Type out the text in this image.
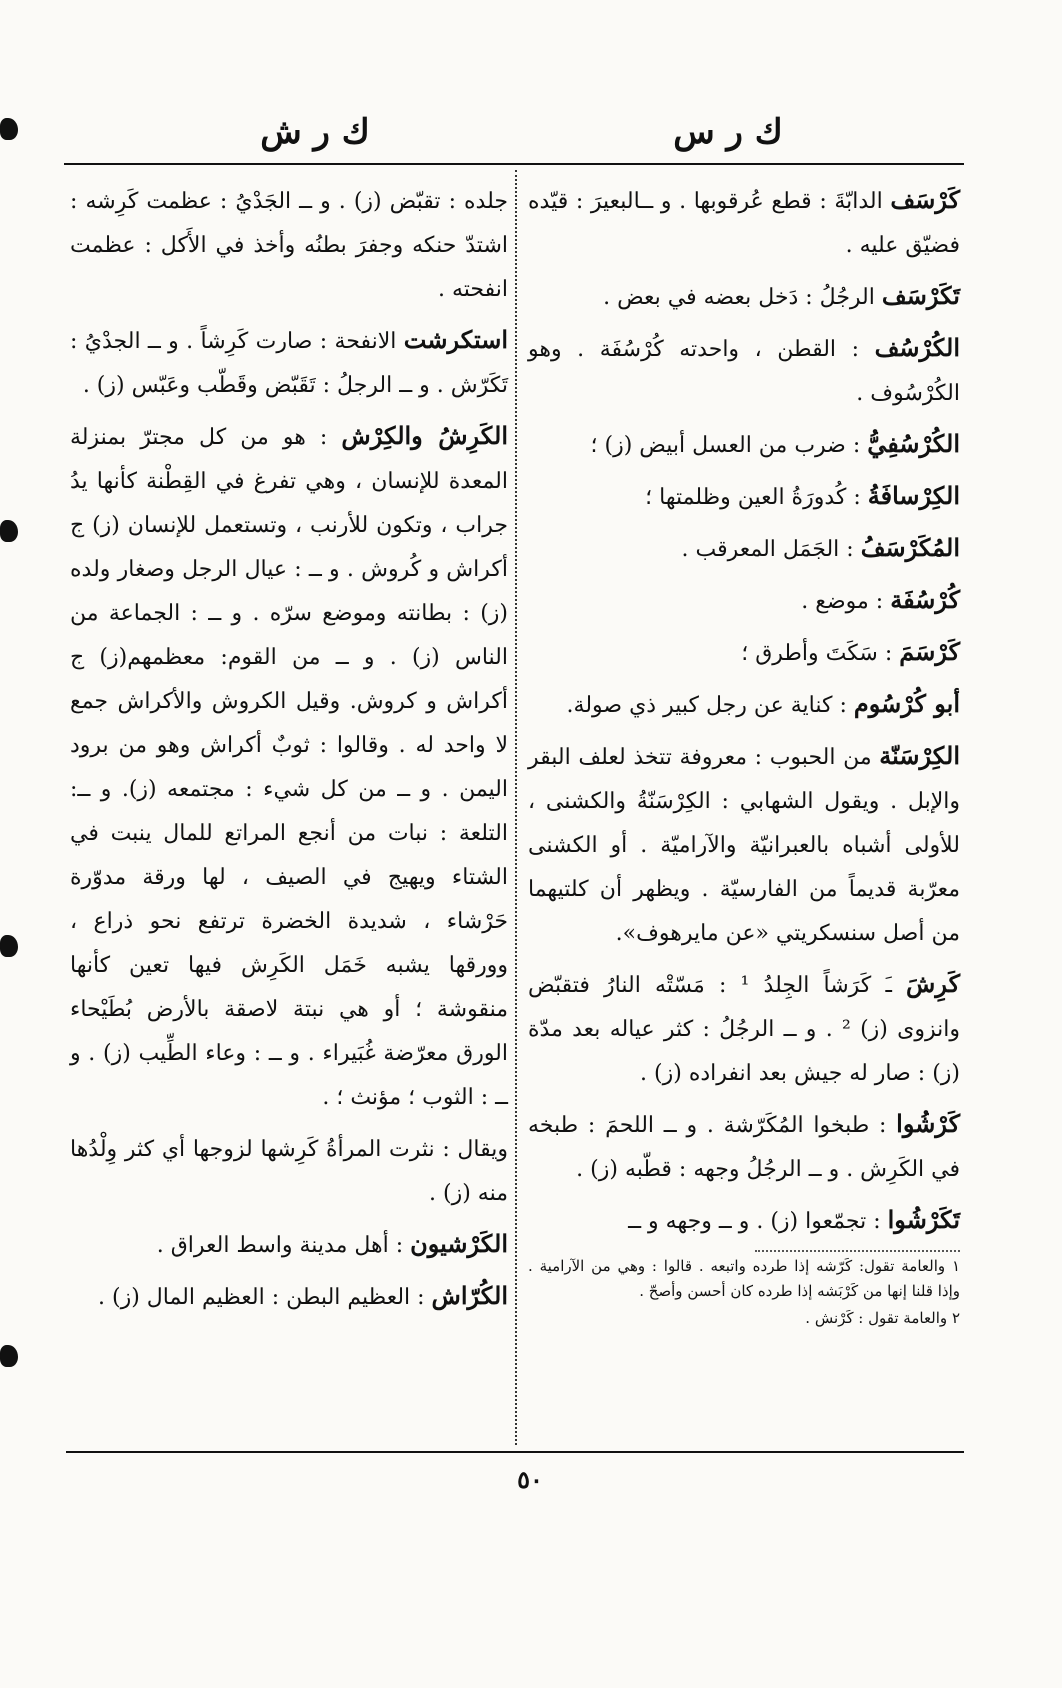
ك ر س
ك ر ش

كَرْسَف الدابّةَ : قطع عُرقوبها . و ــالبعيرَ : قيّده فضيّق عليه .

تَكَرْسَف الرجُلُ : دَخل بعضه في بعض .

الكُرْسُف : القطن ، واحدته كُرْسُفَة . وهو الكُرْسُوف .

الكُرْسُفِيُّ : ضرب من العسل أبيض (ز) ؛

الكِرْسافَةُ : كُدورَةُ العين وظلمتها ؛

المُكَرْسَفُ : الجَمَل المعرقب .

كُرْسُفَة : موضع .

كَرْسَمَ : سَكَتَ وأطرق ؛

أبو كُرْسُوم : كناية عن رجل كبير ذي صولة.

الكِرْسَنّة من الحبوب : معروفة تتخذ لعلف البقر والإبل . ويقول الشهابي : الكِرْسَنّةُ والكشنى ، للأولى أشباه بالعبرانيّة والآراميّة . أو الكشنى معرّبة قديماً من الفارسيّة . ويظهر أن كلتيهما من أصل سنسكريتي «عن مايرهوف».

كَرِشَ ـَ كَرَشاً الجِلدُ ¹ : مَسّتْه النارُ فتقبّض وانزوى (ز) ² . و ــ الرجُلُ : كثر عياله بعد مدّة (ز) : صار له جيش بعد انفراده (ز) .

كَرْشُوا : طبخوا المُكَرّشة . و ــ اللحمَ : طبخه في الكَرِش . و ــ الرجُلُ وجهه : قطّبه (ز) .

تَكَرْشُوا : تجمّعوا (ز) . و ــ وجهه و ــ

١ والعامة تقول: كَرّشه إذا طرده واتبعه . قالوا : وهي من الآرامية . وإذا قلنا إنها من كَرْبَشه إذا طرده كان أحسن وأصحّ .

٢ والعامة تقول : كَرْنش .

جلده : تقبّض (ز) . و ــ الجَدْيُ : عظمت كَرِشه : اشتدّ حنكه وجفرَ بطنُه وأخذ في الأَكل : عظمت انفحته .

استكرشت الانفحة : صارت كَرِشاً . و ــ الجدْيُ : تَكَرّش . و ــ الرجلُ : تَقَبّض وقَطّب وعَبّس (ز) .

الكَرِشُ والكِرْش : هو من كل مجترّ بمنزلة المعدة للإنسان ، وهي تفرغ في القِطْنة كأنها يدُ جراب ، وتكون للأرنب ، وتستعمل للإنسان (ز) ج أكراش و كُروش . و ــ : عيال الرجل وصغار ولده (ز) : بطانته وموضع سرّه . و ــ : الجماعة من الناس (ز) . و ــ من القوم: معظمهم(ز) ج أكراش و كروش. وقيل الكروش والأكراش جمع لا واحد له . وقالوا : ثوبٌ أكراش وهو من برود اليمن . و ــ من كل شيء : مجتمعه (ز). و ــ: التلعة : نبات من أنجع المراتع للمال ينبت في الشتاء ويهيج في الصيف ، لها ورقة مدوّرة حَرْشاء ، شديدة الخضرة ترتفع نحو ذراع ، وورقها يشبه خَمَل الكَرِش فيها تعين كأنها منقوشة ؛ أو هي نبتة لاصقة بالأرض بُطَيْحاء الورق معرّضة غُبَيراء . و ــ : وعاء الطِّيب (ز) . و ــ : الثوب ؛ مؤنث ؛ .

ويقال : نثرت المرأةُ كَرِشها لزوجها أي كثر وِلْدُها منه (ز) .

الكَرْشيون : أهل مدينة واسط العراق .

الكُرّاش : العظيم البطن : العظيم المال (ز) .

٥٠
